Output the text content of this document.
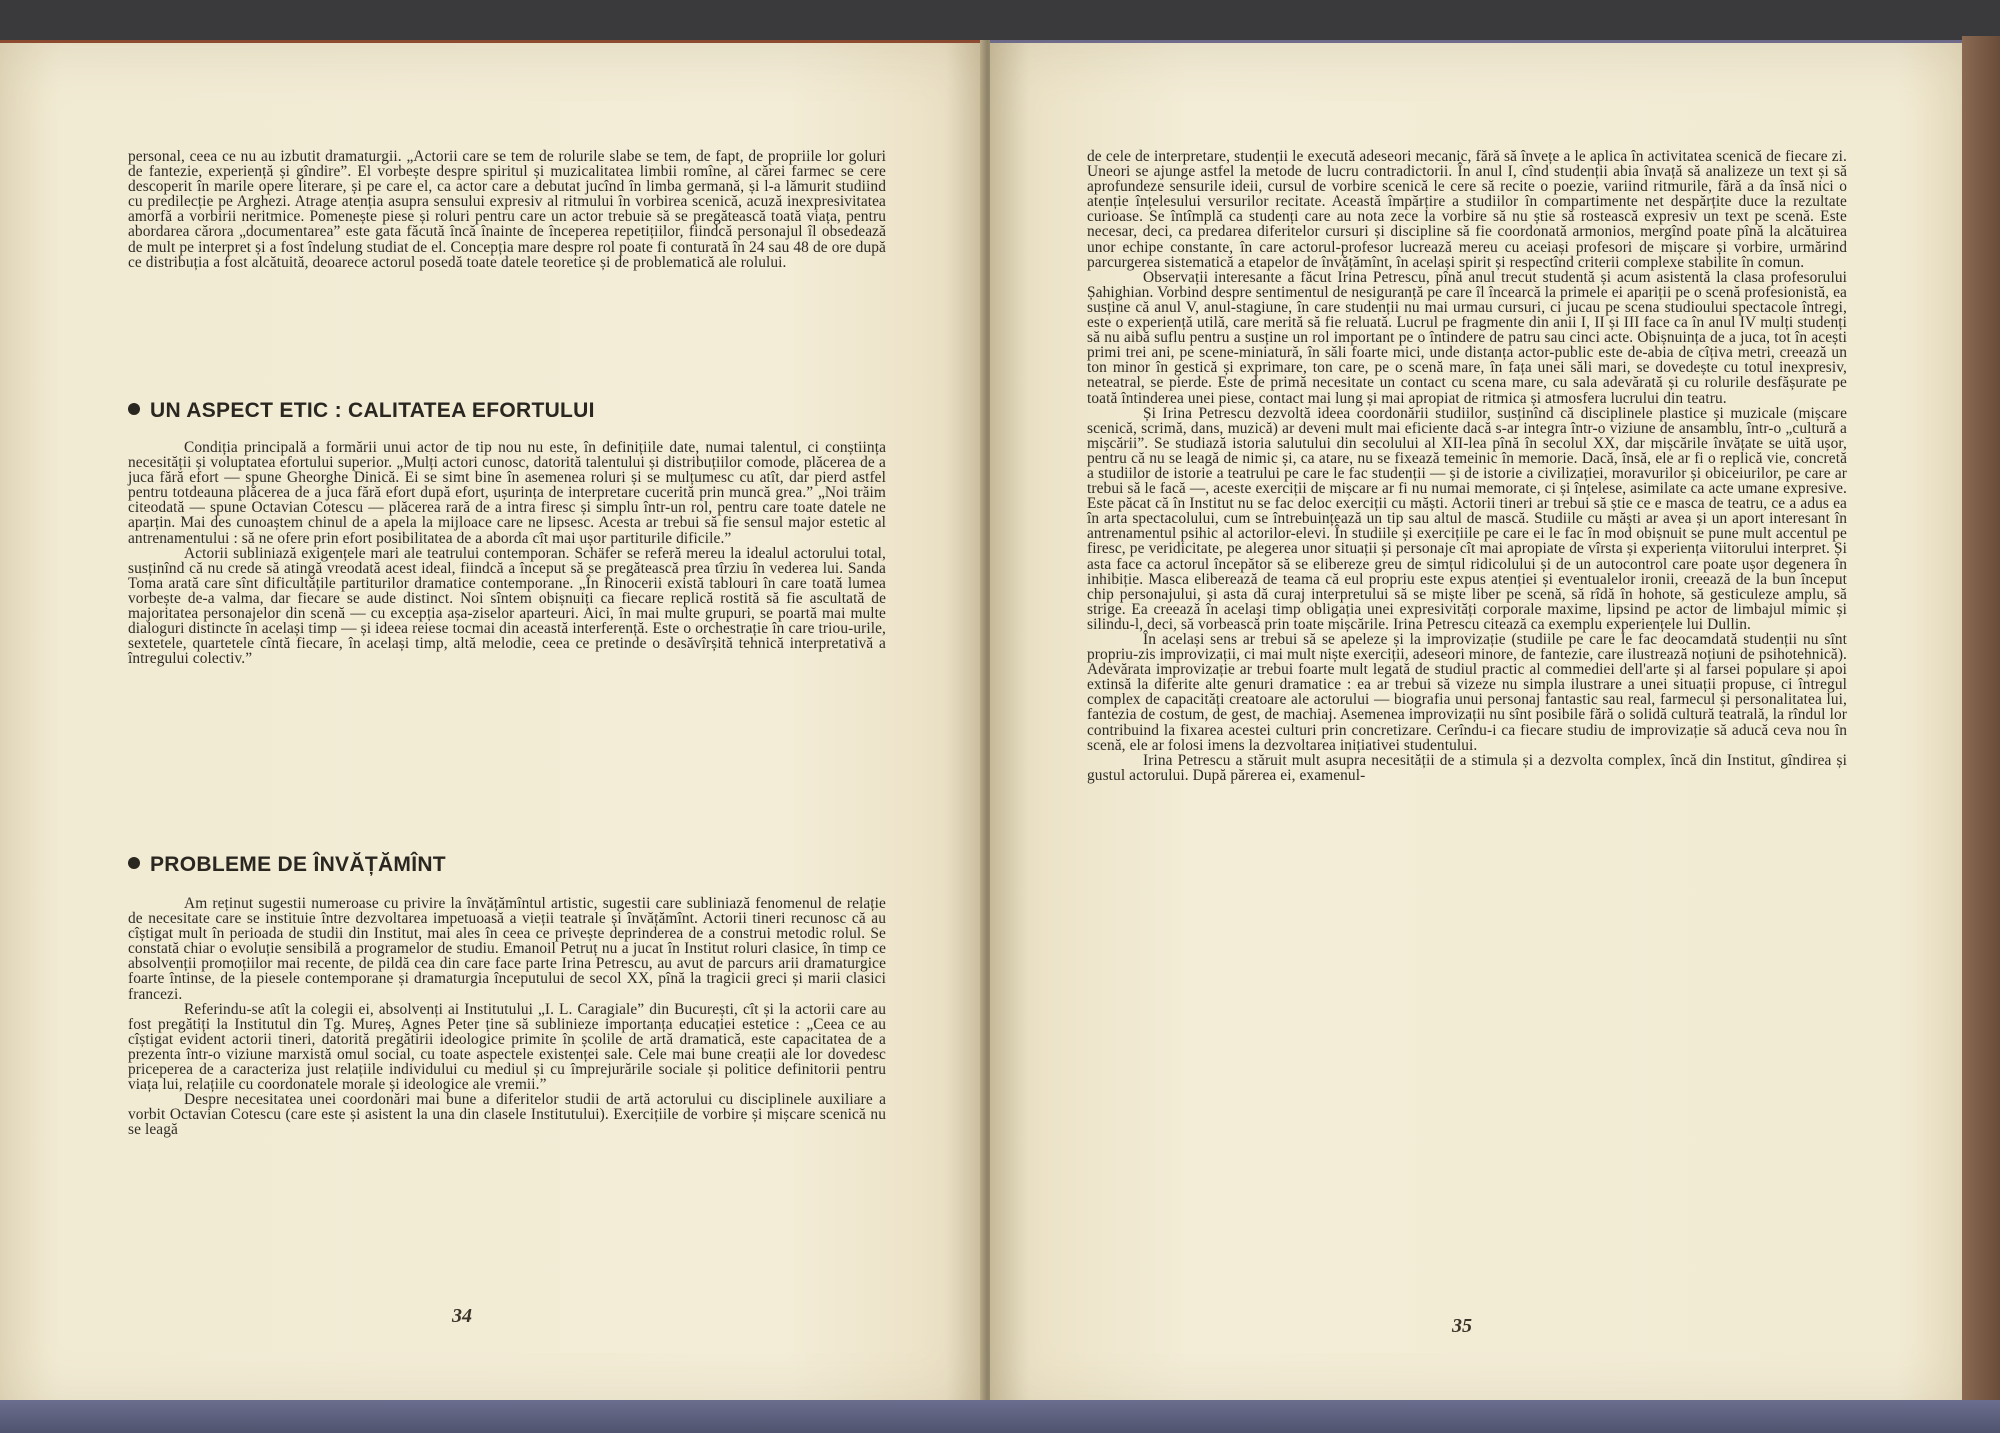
personal, ceea ce nu au izbutit dramaturgii. „Actorii care se tem de rolurile slabe se tem, de fapt, de propriile lor goluri de fantezie, experiență și gîndire”. El vorbește despre spiritul și muzicalitatea limbii romîne, al cărei farmec se cere descoperit în marile opere literare, și pe care el, ca actor care a debutat jucînd în limba germană, și l-a lămurit studiind cu predilecție pe Arghezi. Atrage atenția asupra sensului expresiv al ritmului în vorbirea scenică, acuză inexpresivitatea amorfă a vorbirii neritmice. Pomenește piese și roluri pentru care un actor trebuie să se pregătească toată viața, pentru abordarea cărora „documentarea” este gata făcută încă înainte de începerea repetițiilor, fiindcă personajul îl obsedează de mult pe interpret și a fost îndelung studiat de el. Concepția mare despre rol poate fi conturată în 24 sau 48 de ore după ce distribuția a fost alcătuită, deoarece actorul posedă toate datele teoretice și de problematică ale rolului.

UN ASPECT ETIC : CALITATEA EFORTULUI

Condiția principală a formării unui actor de tip nou nu este, în definițiile date, numai talentul, ci conștiința necesității și voluptatea efortului superior. „Mulți actori cunosc, datorită talentului și distribuțiilor comode, plăcerea de a juca fără efort — spune Gheorghe Dinică. Ei se simt bine în asemenea roluri și se mulțumesc cu atît, dar pierd astfel pentru totdeauna plăcerea de a juca fără efort după efort, ușurința de interpretare cucerită prin muncă grea.” „Noi trăim citeodată — spune Octavian Cotescu — plăcerea rară de a intra firesc și simplu într-un rol, pentru care toate datele ne aparțin. Mai des cunoaștem chinul de a apela la mijloace care ne lipsesc. Acesta ar trebui să fie sensul major estetic al antrenamentului : să ne ofere prin efort posibilitatea de a aborda cît mai ușor partiturile dificile.”

Actorii subliniază exigențele mari ale teatrului contemporan. Schäfer se referă mereu la idealul actorului total, susținînd că nu crede să atingă vreodată acest ideal, fiindcă a început să se pregătească prea tîrziu în vederea lui. Sanda Toma arată care sînt dificultățile partiturilor dramatice contemporane. „În Rinocerii există tablouri în care toată lumea vorbește de-a valma, dar fiecare se aude distinct. Noi sîntem obișnuiți ca fiecare replică rostită să fie ascultată de majoritatea personajelor din scenă — cu excepția așa-ziselor aparteuri. Aici, în mai multe grupuri, se poartă mai multe dialoguri distincte în același timp — și ideea reiese tocmai din această interferență. Este o orchestrație în care triou-urile, sextetele, quartetele cîntă fiecare, în același timp, altă melodie, ceea ce pretinde o desăvîrșită tehnică interpretativă a întregului colectiv.”

PROBLEME DE ÎNVĂȚĂMÎNT

Am reținut sugestii numeroase cu privire la învățămîntul artistic, sugestii care subliniază fenomenul de relație de necesitate care se instituie între dezvoltarea impetuoasă a vieții teatrale și învățămînt. Actorii tineri recunosc că au cîștigat mult în perioada de studii din Institut, mai ales în ceea ce privește deprinderea de a construi metodic rolul. Se constată chiar o evoluție sensibilă a programelor de studiu. Emanoil Petruț nu a jucat în Institut roluri clasice, în timp ce absolvenții promoțiilor mai recente, de pildă cea din care face parte Irina Petrescu, au avut de parcurs arii dramaturgice foarte întinse, de la piesele contemporane și dramaturgia începutului de secol XX, pînă la tragicii greci și marii clasici francezi.

Referindu-se atît la colegii ei, absolvenți ai Institutului „I. L. Caragiale” din București, cît și la actorii care au fost pregătiți la Institutul din Tg. Mureș, Agnes Peter ține să sublinieze importanța educației estetice : „Ceea ce au cîștigat evident actorii tineri, datorită pregătirii ideologice primite în școlile de artă dramatică, este capacitatea de a prezenta într-o viziune marxistă omul social, cu toate aspectele existenței sale. Cele mai bune creații ale lor dovedesc priceperea de a caracteriza just relațiile individului cu mediul și cu împrejurările sociale și politice definitorii pentru viața lui, relațiile cu coordonatele morale și ideologice ale vremii.”

Despre necesitatea unei coordonări mai bune a diferitelor studii de artă actorului cu disciplinele auxiliare a vorbit Octavian Cotescu (care este și asistent la una din clasele Institutului). Exercițiile de vorbire și mișcare scenică nu se leagă

34

de cele de interpretare, studenții le execută adeseori mecanic, fără să învețe a le aplica în activitatea scenică de fiecare zi. Uneori se ajunge astfel la metode de lucru contradictorii. În anul I, cînd studenții abia învață să analizeze un text și să aprofundeze sensurile ideii, cursul de vorbire scenică le cere să recite o poezie, variind ritmurile, fără a da însă nici o atenție înțelesului versurilor recitate. Această împărțire a studiilor în compartimente net despărțite duce la rezultate curioase. Se întîmplă ca studenți care au nota zece la vorbire să nu știe să rostească expresiv un text pe scenă. Este necesar, deci, ca predarea diferitelor cursuri și discipline să fie coordonată armonios, mergînd poate pînă la alcătuirea unor echipe constante, în care actorul-profesor lucrează mereu cu aceiași profesori de mișcare și vorbire, urmărind parcurgerea sistematică a etapelor de învățămînt, în același spirit și respectînd criterii complexe stabilite în comun.

Observații interesante a făcut Irina Petrescu, pînă anul trecut studentă și acum asistentă la clasa profesorului Șahighian. Vorbind despre sentimentul de nesiguranță pe care îl încearcă la primele ei apariții pe o scenă profesionistă, ea susține că anul V, anul-stagiune, în care studenții nu mai urmau cursuri, ci jucau pe scena studioului spectacole întregi, este o experiență utilă, care merită să fie reluată. Lucrul pe fragmente din anii I, II și III face ca în anul IV mulți studenți să nu aibă suflu pentru a susține un rol important pe o întindere de patru sau cinci acte. Obișnuința de a juca, tot în acești primi trei ani, pe scene-miniatură, în săli foarte mici, unde distanța actor-public este de-abia de cîțiva metri, creează un ton minor în gestică și exprimare, ton care, pe o scenă mare, în fața unei săli mari, se dovedește cu totul inexpresiv, neteatral, se pierde. Este de primă necesitate un contact cu scena mare, cu sala adevărată și cu rolurile desfășurate pe toată întinderea unei piese, contact mai lung și mai apropiat de ritmica și atmosfera lucrului din teatru.

Și Irina Petrescu dezvoltă ideea coordonării studiilor, susținînd că disciplinele plastice și muzicale (mișcare scenică, scrimă, dans, muzică) ar deveni mult mai eficiente dacă s-ar integra într-o viziune de ansamblu, într-o „cultură a mișcării”. Se studiază istoria salutului din secolului al XII-lea pînă în secolul XX, dar mișcările învățate se uită ușor, pentru că nu se leagă de nimic și, ca atare, nu se fixează temeinic în memorie. Dacă, însă, ele ar fi o replică vie, concretă a studiilor de istorie a teatrului pe care le fac studenții — și de istorie a civilizației, moravurilor și obiceiurilor, pe care ar trebui să le facă —, aceste exerciții de mișcare ar fi nu numai memorate, ci și înțelese, asimilate ca acte umane expresive. Este păcat că în Institut nu se fac deloc exerciții cu măști. Actorii tineri ar trebui să știe ce e masca de teatru, ce a adus ea în arta spectacolului, cum se întrebuințează un tip sau altul de mască. Studiile cu măști ar avea și un aport interesant în antrenamentul psihic al actorilor-elevi. În studiile și exercițiile pe care ei le fac în mod obișnuit se pune mult accentul pe firesc, pe veridicitate, pe alegerea unor situații și personaje cît mai apropiate de vîrsta și experiența viitorului interpret. Și asta face ca actorul începător să se elibereze greu de simțul ridicolului și de un autocontrol care poate ușor degenera în inhibiție. Masca eliberează de teama că eul propriu este expus atenției și eventualelor ironii, creează de la bun început chip personajului, și asta dă curaj interpretului să se miște liber pe scenă, să rîdă în hohote, să gesticuleze amplu, să strige. Ea creează în același timp obligația unei expresivități corporale maxime, lipsind pe actor de limbajul mimic și silindu-l, deci, să vorbească prin toate mișcările. Irina Petrescu citează ca exemplu experiențele lui Dullin.

În același sens ar trebui să se apeleze și la improvizație (studiile pe care le fac deocamdată studenții nu sînt propriu-zis improvizații, ci mai mult niște exerciții, adeseori minore, de fantezie, care ilustrează noțiuni de psihotehnică). Adevărata improvizație ar trebui foarte mult legată de studiul practic al commediei dell'arte și al farsei populare și apoi extinsă la diferite alte genuri dramatice : ea ar trebui să vizeze nu simpla ilustrare a unei situații propuse, ci întregul complex de capacități creatoare ale actorului — biografia unui personaj fantastic sau real, farmecul și personalitatea lui, fantezia de costum, de gest, de machiaj. Asemenea improvizații nu sînt posibile fără o solidă cultură teatrală, la rîndul lor contribuind la fixarea acestei culturi prin concretizare. Cerîndu-i ca fiecare studiu de improvizație să aducă ceva nou în scenă, ele ar folosi imens la dezvoltarea inițiativei studentului.

Irina Petrescu a stăruit mult asupra necesității de a stimula și a dezvolta complex, încă din Institut, gîndirea și gustul actorului. După părerea ei, examenul-

35
